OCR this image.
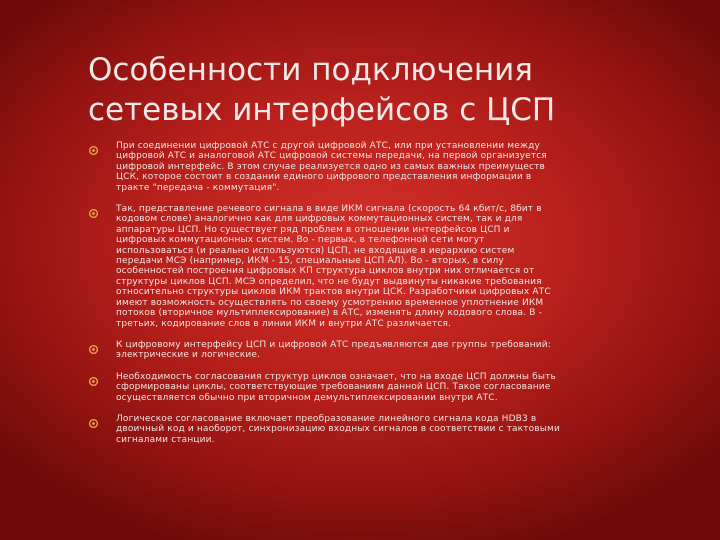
Особенности подключения
сетевых интерфейсов с ЦСП
При соединении цифровой АТС с другой цифровой АТС, или при установлении между
цифровой АТС и аналоговой АТС цифровой системы передачи, на первой организуется
цифровой интерфейс. В этом случае реализуется одно из самых важных преимуществ
ЦСК, которое состоит в создании единого цифрового представления информации в
тракте "передача - коммутация".
Так, представление речевого сигнала в виде ИКМ сигнала (скорость 64 кбит/с, 8бит в
кодовом слове) аналогично как для цифровых коммутационных систем, так и для
аппаратуры ЦСП. Но существует ряд проблем в отношении интерфейсов ЦСП и
цифровых коммутационных систем. Во - первых, в телефонной сети могут
использоваться (и реально используются) ЦСП, не входящие в иерархию систем
передачи МСЭ (например, ИКМ - 15, специальные ЦСП АЛ). Во - вторых, в силу
особенностей построения цифровых КП структура циклов внутри них отличается от
структуры циклов ЦСП. МСЭ определил, что не будут выдвинуты никакие требования
относительно структуры циклов ИКМ трактов внутри ЦСК. Разработчики цифровых АТС
имеют возможность осуществлять по своему усмотрению временное уплотнение ИКМ
потоков (вторичное мультиплексирование) в АТС, изменять длину кодового слова. В -
третьих, кодирование слов в линии ИКМ и внутри АТС различается.
К цифровому интерфейсу ЦСП и цифровой АТС предъявляются две группы требований:
электрические и логические.
Необходимость согласования структур циклов означает, что на входе ЦСП должны быть
сформированы циклы, соответствующие требованиям данной ЦСП. Такое согласование
осуществляется обычно при вторичном демультиплексировании внутри АТС.
Логическое согласование включает преобразование линейного сигнала кода HDB3 в
двоичный код и наоборот, синхронизацию входных сигналов в соответствии с тактовыми
сигналами станции.
